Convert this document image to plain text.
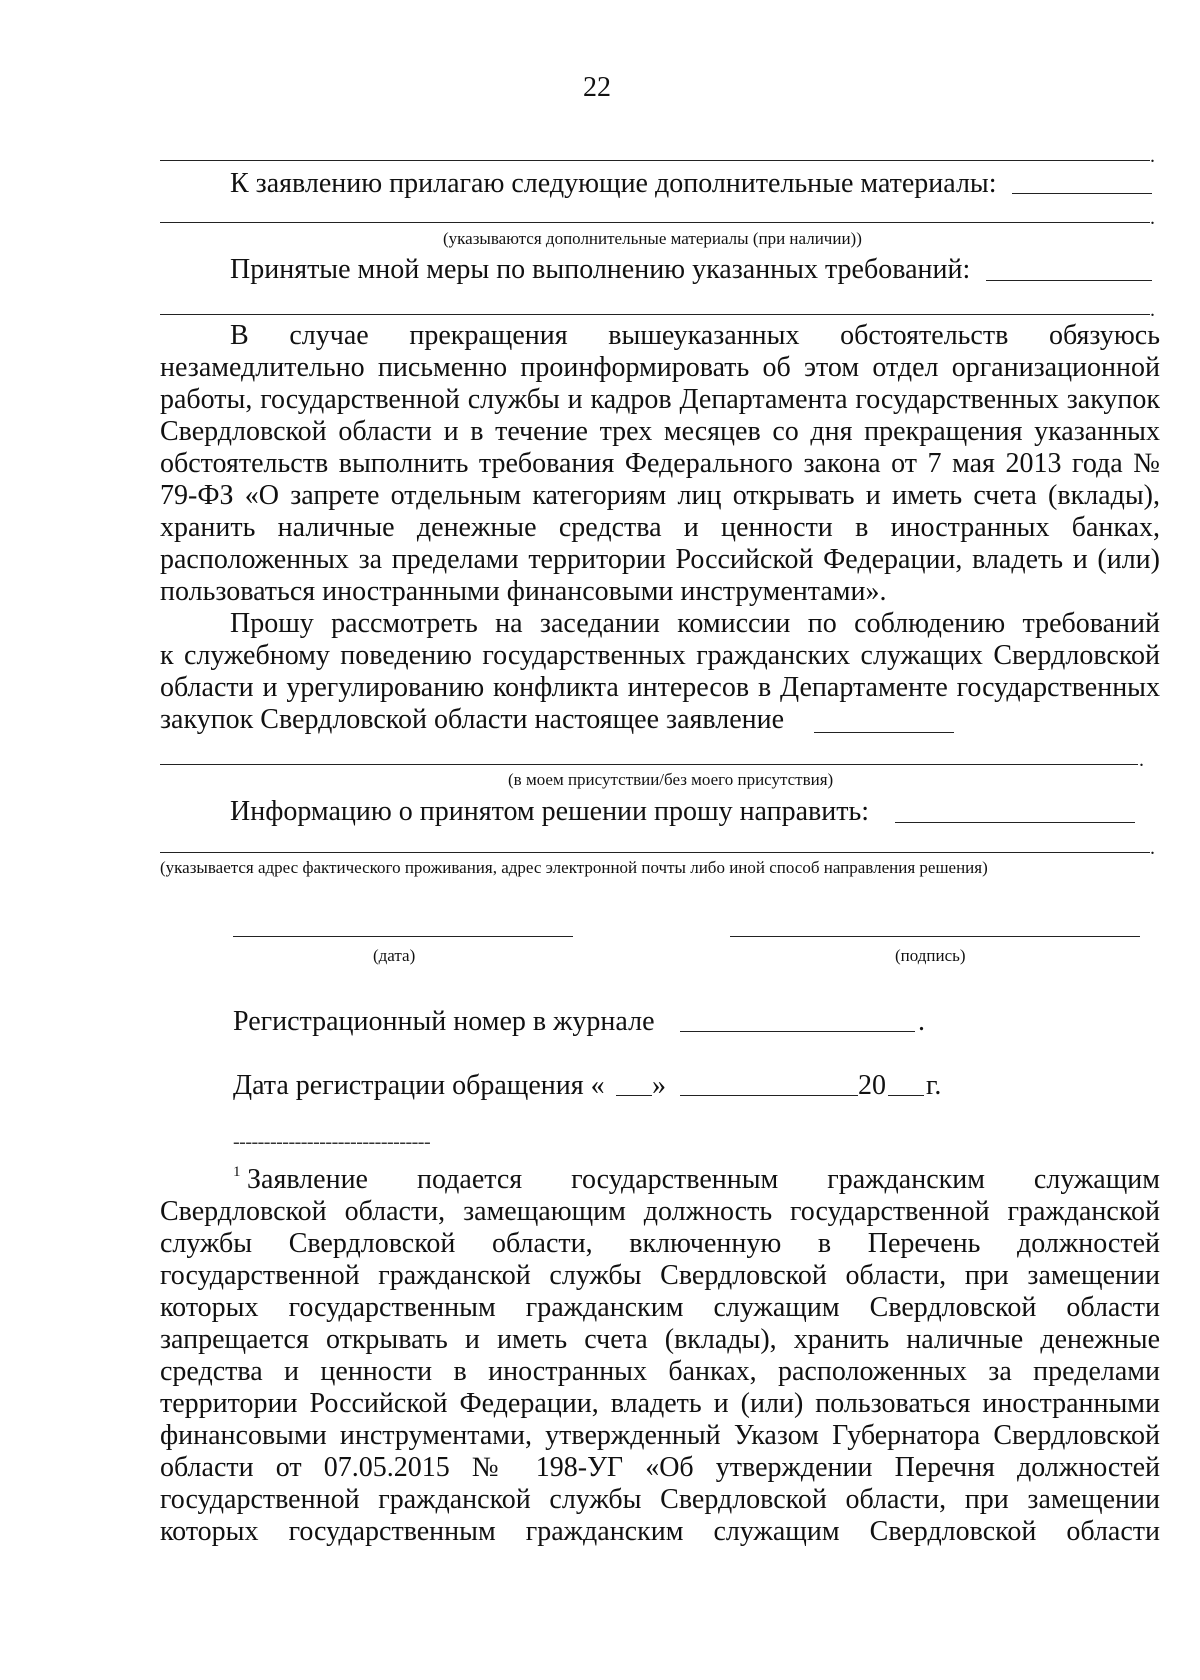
22
.
К заявлению прилагаю следующие дополнительные материалы:
.
(указываются дополнительные материалы (при наличии))
Принятые мной меры по выполнению указанных требований:
.
В случае прекращения вышеуказанных обстоятельств обязуюсь
незамедлительно письменно проинформировать об этом отдел организационной
работы, государственной службы и кадров Департамента государственных закупок
Свердловской области и в течение трех месяцев со дня прекращения указанных
обстоятельств выполнить требования Федерального закона от 7 мая 2013 года №
79-ФЗ «О запрете отдельным категориям лиц открывать и иметь счета (вклады),
хранить наличные денежные средства и ценности в иностранных банках,
расположенных за пределами территории Российской Федерации, владеть и (или)
пользоваться иностранными финансовыми инструментами».
Прошу рассмотреть на заседании комиссии по соблюдению требований
к служебному поведению государственных гражданских служащих Свердловской
области и урегулированию конфликта интересов в Департаменте государственных
закупок Свердловской области настоящее заявление
.
(в моем присутствии/без моего присутствия)
Информацию о принятом решении прошу направить:
.
(указывается адрес фактического проживания, адрес электронной почты либо иной способ направления решения)
(дата)	(подпись)
Регистрационный номер в журнале	.
Дата регистрации обращения « »	20 г.
--------------------------------
1 Заявление подается государственным гражданским служащим
Свердловской области, замещающим должность государственной гражданской
службы Свердловской области, включенную в Перечень должностей
государственной гражданской службы Свердловской области, при замещении
которых государственным гражданским служащим Свердловской области
запрещается открывать и иметь счета (вклады), хранить наличные денежные
средства и ценности в иностранных банках, расположенных за пределами
территории Российской Федерации, владеть и (или) пользоваться иностранными
финансовыми инструментами, утвержденный Указом Губернатора Свердловской
области от 07.05.2015 № 198-УГ «Об утверждении Перечня должностей
государственной гражданской службы Свердловской области, при замещении
которых государственным гражданским служащим Свердловской области
